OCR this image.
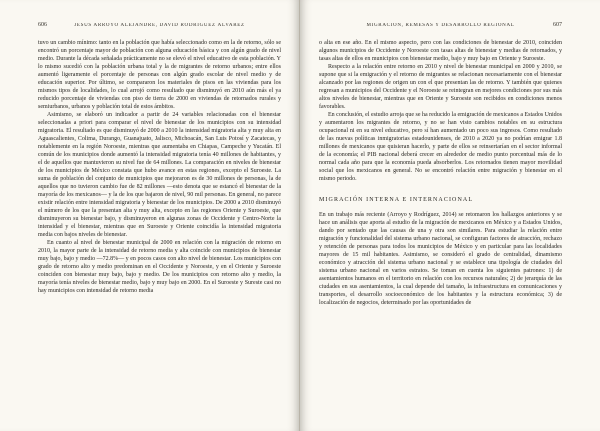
606	JESÚS ARROYO ALEJANDRE, DAVID RODRÍGUEZ ÁLVAREZ

tuvo un cambio mínimo: tanto en la población que había seleccionado como en la de retorno, sólo se encontró un porcentaje mayor de población con alguna educación básica y con algún grado de nivel medio. Durante la década señalada prácticamente no se elevó el nivel educativo de esta población. Y lo mismo sucedió con la población urbana total y la de migrantes de retorno urbanos; entre ellos aumentó ligeramente el porcentaje de personas con algún grado escolar de nivel medio y de educación superior. Por último, se compararon los materiales de pisos en las viviendas para los mismos tipos de localidades, lo cual arrojó como resultado que disminuyó en 2010 aún más el ya reducido porcentaje de viviendas con piso de tierra de 2000 en viviendas de retornados rurales y semiurbanos, urbanos y población total de estos ámbitos.

Asimismo, se elaboró un indicador a partir de 24 variables relacionadas con el bienestar seleccionadas a priori para comparar el nivel de bienestar de los municipios con su intensidad migratoria. El resultado es que disminuyó de 2000 a 2010 la intensidad migratoria alta y muy alta en Aguascalientes, Colima, Durango, Guanajuato, Jalisco, Michoacán, San Luis Potosí y Zacatecas, y notablemente en la región Noroeste, mientras que aumentaba en Chiapas, Campeche y Yucatán. El común de los municipios donde aumentó la intensidad migratoria tenía 40 millones de habitantes, y el de aquellos que mantuvieron su nivel fue de 64 millones. La comparación en niveles de bienestar de los municipios de México constata que hubo avance en estas regiones, excepto el Suroeste. La suma de población del conjunto de municipios que mejoraron es de 30 millones de personas, la de aquellos que no tuvieron cambio fue de 82 millones —esto denota que se estancó el bienestar de la mayoría de los mexicanos— y la de los que bajaron de nivel, 90 mil personas. En general, no parece existir relación entre intensidad migratoria y bienestar de los municipios. De 2000 a 2010 disminuyó el número de los que la presentan alta y muy alta, excepto en las regiones Oriente y Suroeste, que disminuyeron su bienestar bajo, y disminuyeron en algunas zonas de Occidente y Centro-Norte la intensidad y el bienestar, mientras que en Suroeste y Oriente coincidía la intensidad migratoria media con bajos niveles de bienestar.

En cuanto al nivel de bienestar municipal de 2000 en relación con la migración de retorno en 2010, la mayor parte de la intensidad de retorno media y alta coincide con municipios de bienestar muy bajo, bajo y medio —72.8%— y en pocos casos con alto nivel de bienestar. Los municipios con grado de retorno alto y medio predominan en el Occidente y Noroeste, y en el Oriente y Suroeste coinciden con bienestar muy bajo, bajo y medio. De los municipios con retorno alto y medio, la mayoría tenía niveles de bienestar medio, bajo y muy bajo en 2000. En el Suroeste y Sureste casi no hay municipios con intensidad de retorno media

MIGRACIÓN, REMESAS Y DESARROLLO REGIONAL	607

o alta en ese año. En el mismo aspecto, pero con las condiciones de bienestar de 2010, coinciden algunos municipios de Occidente y Noroeste con tasas altas de bienestar y medias de retornados, y tasas altas de ellos en municipios con bienestar medio, bajo y muy bajo en Oriente y Suroeste.

Respecto a la relación entre retorno en 2010 y nivel de bienestar municipal en 2000 y 2010, se supone que si la emigración y el retorno de migrantes se relacionan necesariamente con el bienestar alcanzado por las regiones de origen un con el que presentan las de retorno. Y también que quienes regresan a municipios del Occidente y el Noroeste se reintegran en mejores condiciones por sus más altos niveles de bienestar, mientras que en Oriente y Suroeste son recibidos en condiciones menos favorables.

En conclusión, el estudio arroja que se ha reducido la emigración de mexicanos a Estados Unidos y aumentaron los migrantes de retorno, y no se han visto cambios notables en su estructura ocupacional ni en su nivel educativo, pero sí han aumentado un poco sus ingresos. Como resultado de las nuevas políticas inmigratorias estadounidenses, de 2010 a 2020 ya no podrían emigrar 1.8 millones de mexicanos que quisieran hacerlo, y parte de ellos se reinsertarían en el sector informal de la economía; el PIB nacional deberá crecer en alrededor de medio punto porcentual más de lo normal cada año para que la economía pueda absorberlos. Los retornados tienen mayor movilidad social que los mexicanos en general. No se encontró relación entre migración y bienestar en el mismo periodo.

MIGRACIÓN INTERNA E INTERNACIONAL

En un trabajo más reciente (Arroyo y Rodríguez, 2014) se retomaron los hallazgos anteriores y se hace un análisis que aporta al estudio de la migración de mexicanos en México y a Estados Unidos, dando por sentado que las causas de una y otra son similares. Para estudiar la relación entre migración y funcionalidad del sistema urbano nacional, se configuran factores de atracción, rechazo y retención de personas para todos los municipios de México y en particular para las localidades mayores de 15 mil habitantes. Asimismo, se consideró el grado de centralidad, dinamismo económico y atracción del sistema urbano nacional y se establece una tipología de ciudades del sistema urbano nacional en varios estratos. Se toman en cuenta los siguientes patrones: 1) de asentamientos humanos en el territorio en relación con los recursos naturales; 2) de jerarquía de las ciudades en sus asentamientos, la cual depende del tamaño, la infraestructura en comunicaciones y transportes, el desarrollo socioeconómico de los habitantes y la estructura económica; 3) de localización de negocios, determinado por las oportunidades de
